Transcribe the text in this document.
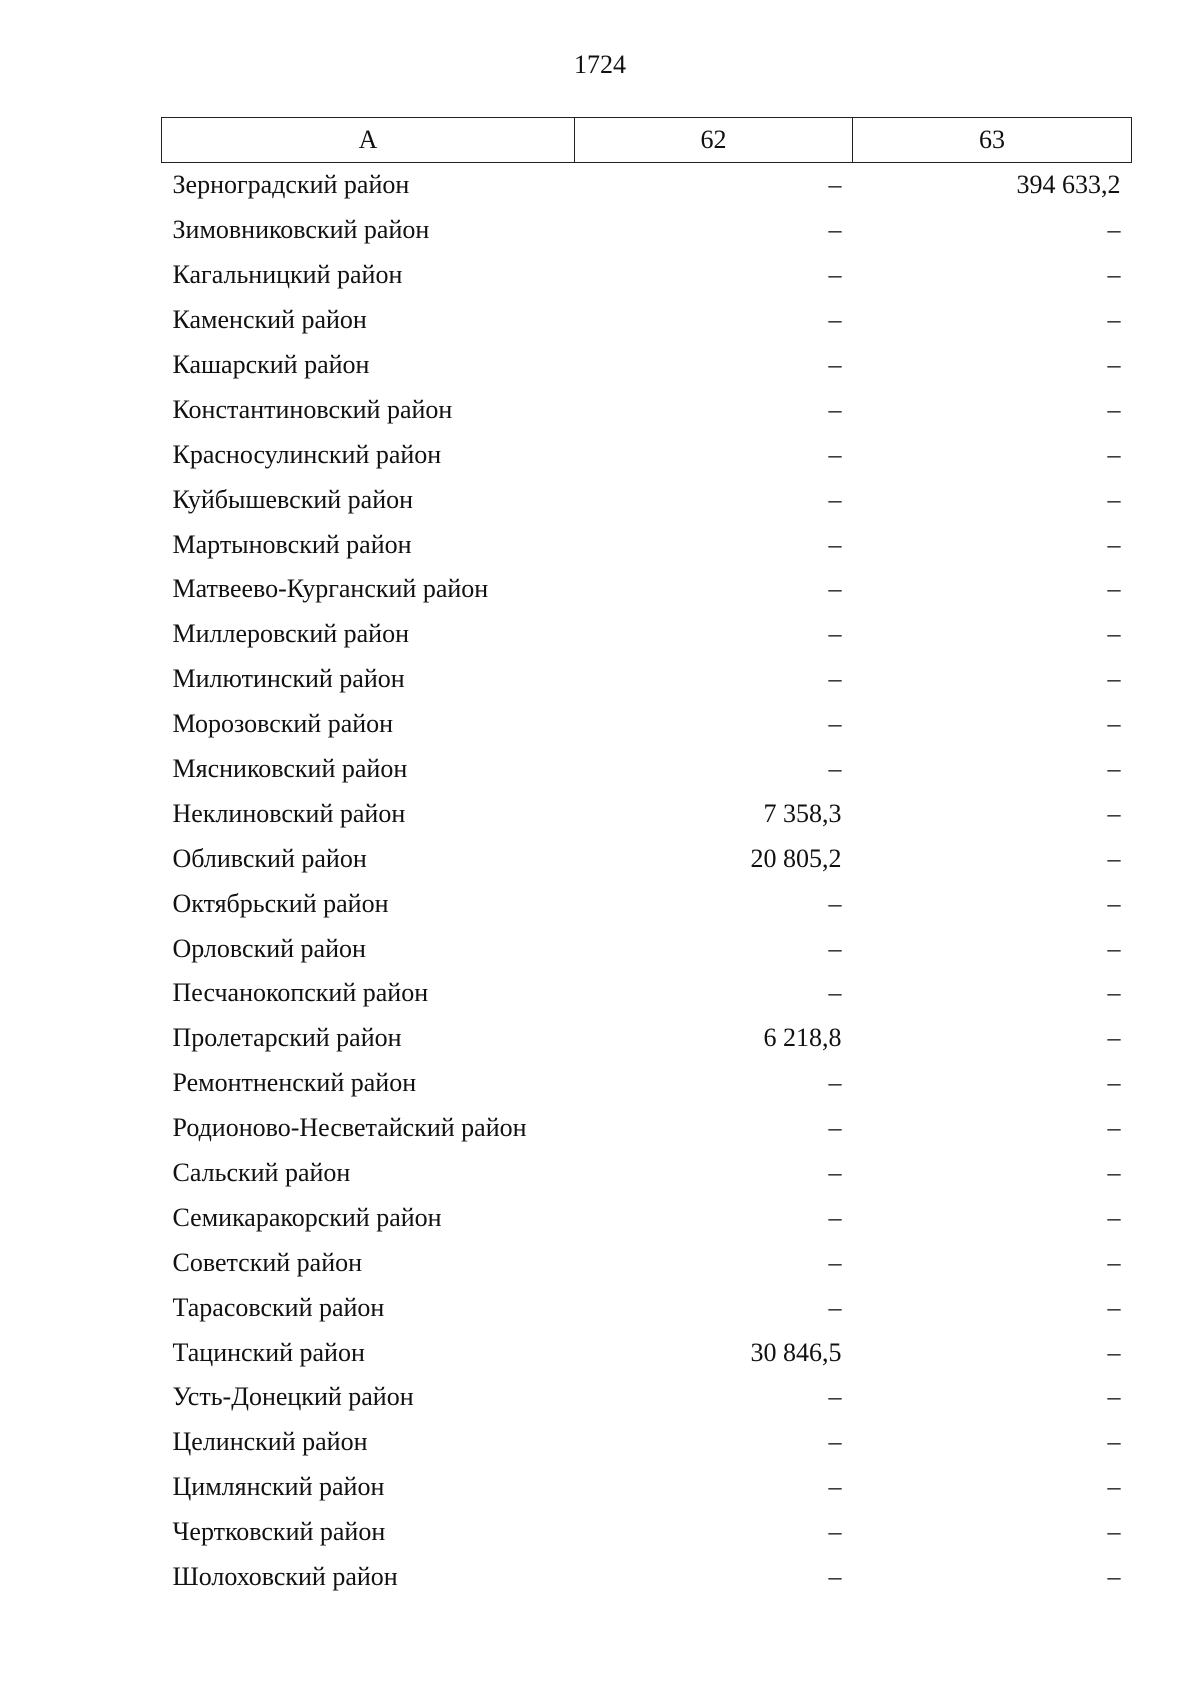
1724
А	62	63
Зерноградский район	–	394 633,2
Зимовниковский район	–	–
Кагальницкий район	–	–
Каменский район	–	–
Кашарский район	–	–
Константиновский район	–	–
Красносулинский район	–	–
Куйбышевский район	–	–
Мартыновский район	–	–
Матвеево-Курганский район	–	–
Миллеровский район	–	–
Милютинский район	–	–
Морозовский район	–	–
Мясниковский район	–	–
Неклиновский район	7 358,3	–
Обливский район	20 805,2	–
Октябрьский район	–	–
Орловский район	–	–
Песчанокопский район	–	–
Пролетарский район	6 218,8	–
Ремонтненский район	–	–
Родионово-Несветайский район	–	–
Сальский район	–	–
Семикаракорский район	–	–
Советский район	–	–
Тарасовский район	–	–
Тацинский район	30 846,5	–
Усть-Донецкий район	–	–
Целинский район	–	–
Цимлянский район	–	–
Чертковский район	–	–
Шолоховский район	–	–
